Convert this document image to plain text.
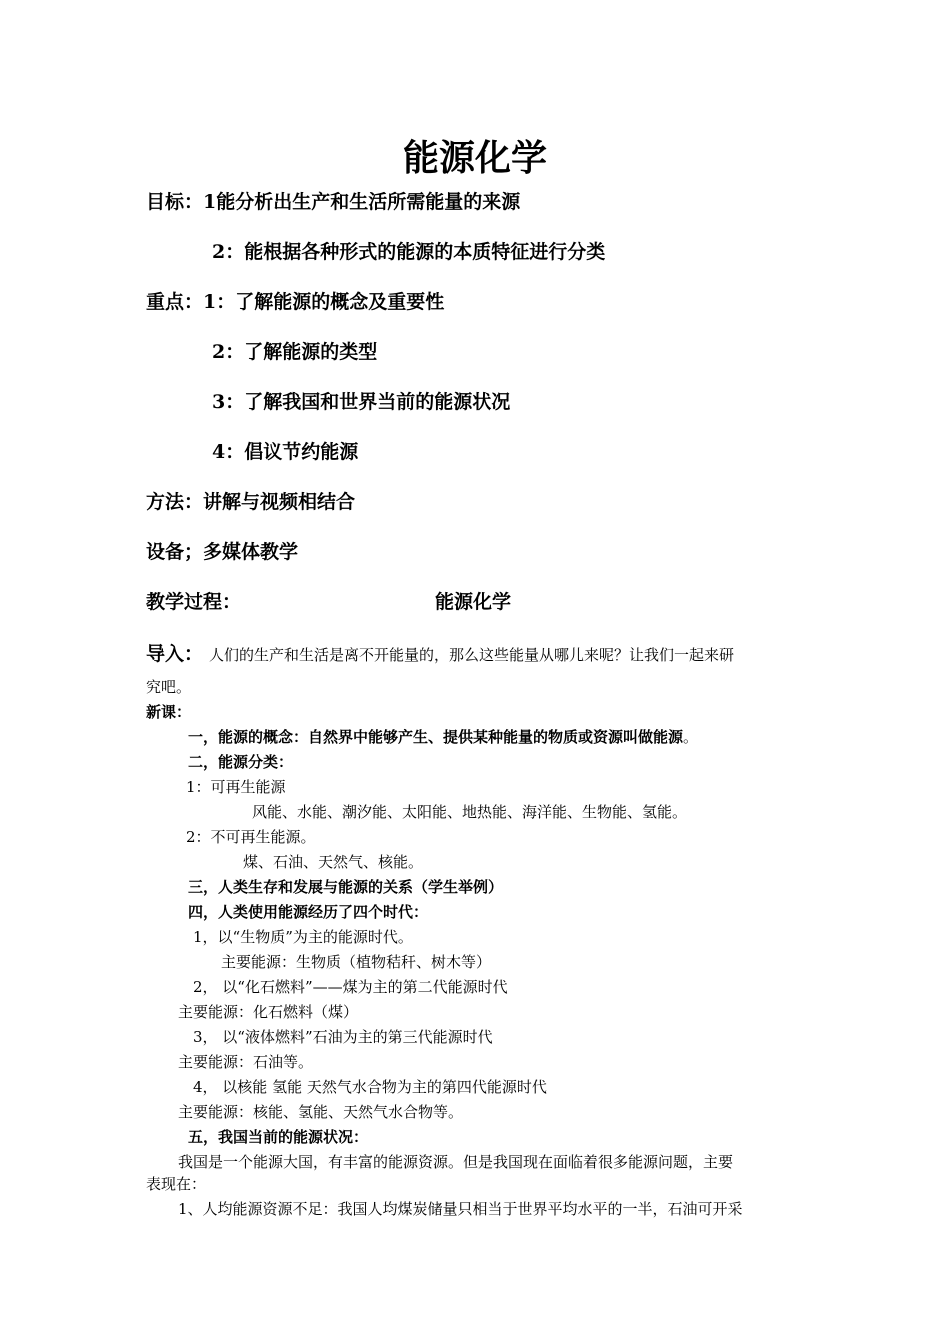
能源化学
目标：1能分析出生产和生活所需能量的来源
2：能根据各种形式的能源的本质特征进行分类
重点：1：了解能源的概念及重要性
2：了解能源的类型
3：了解我国和世界当前的能源状况
4：倡议节约能源
方法：讲解与视频相结合
设备；多媒体教学
教学过程：	能源化学
导入： 人们的生产和生活是离不开能量的，那么这些能量从哪儿来呢？让我们一起来研
究吧。
新课：
一，能源的概念：自然界中能够产生、提供某种能量的物质或资源叫做能源。
二，能源分类：
1：可再生能源
风能、水能、潮汐能、太阳能、地热能、海洋能、生物能、氢能。
2：不可再生能源。
煤、石油、天然气、核能。
三，人类生存和发展与能源的关系（学生举例）
四，人类使用能源经历了四个时代：
1，以“生物质”为主的能源时代。
主要能源：生物质（植物秸秆、树木等）
2， 以“化石燃料”——煤为主的第二代能源时代
主要能源：化石燃料（煤）
3， 以“液体燃料”石油为主的第三代能源时代
主要能源：石油等。
4， 以核能 氢能 天然气水合物为主的第四代能源时代
主要能源：核能、氢能、天然气水合物等。
五，我国当前的能源状况：
我国是一个能源大国，有丰富的能源资源。但是我国现在面临着很多能源问题，主要
表现在：
1、人均能源资源不足：我国人均煤炭储量只相当于世界平均水平的一半，石油可开采
